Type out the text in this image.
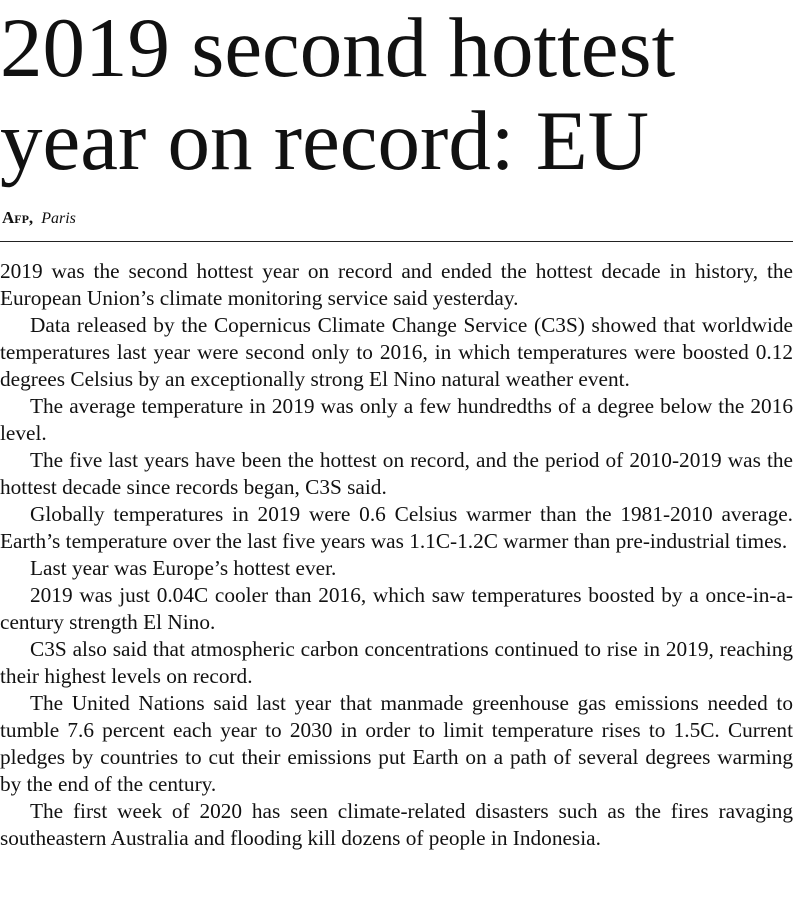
2019 second hottest
year on record: EU
Afp, Paris

2019 was the second hottest year on record and ended the hottest decade in history, the European Union’s climate monitoring service said yesterday.

Data released by the Copernicus Climate Change Service (C3S) showed that worldwide temperatures last year were second only to 2016, in which temperatures were boosted 0.12 degrees Celsius by an exceptionally strong El Nino natural weather event.

The average temperature in 2019 was only a few hundredths of a degree below the 2016 level.

The five last years have been the hottest on record, and the period of 2010-2019 was the hottest decade since records began, C3S said.

Globally temperatures in 2019 were 0.6 Celsius warmer than the 1981-2010 average. Earth’s temperature over the last five years was 1.1C-1.2C warmer than pre-industrial times.

Last year was Europe’s hottest ever.

2019 was just 0.04C cooler than 2016, which saw temperatures boosted by a once-in-a-century strength El Nino.

C3S also said that atmospheric carbon concentrations continued to rise in 2019, reaching their highest levels on record.

The United Nations said last year that manmade greenhouse gas emissions needed to tumble 7.6 percent each year to 2030 in order to limit temperature rises to 1.5C. Current pledges by countries to cut their emissions put Earth on a path of several degrees warming by the end of the century.

The first week of 2020 has seen climate-related disasters such as the fires ravaging southeastern Australia and flooding kill dozens of people in Indonesia.
